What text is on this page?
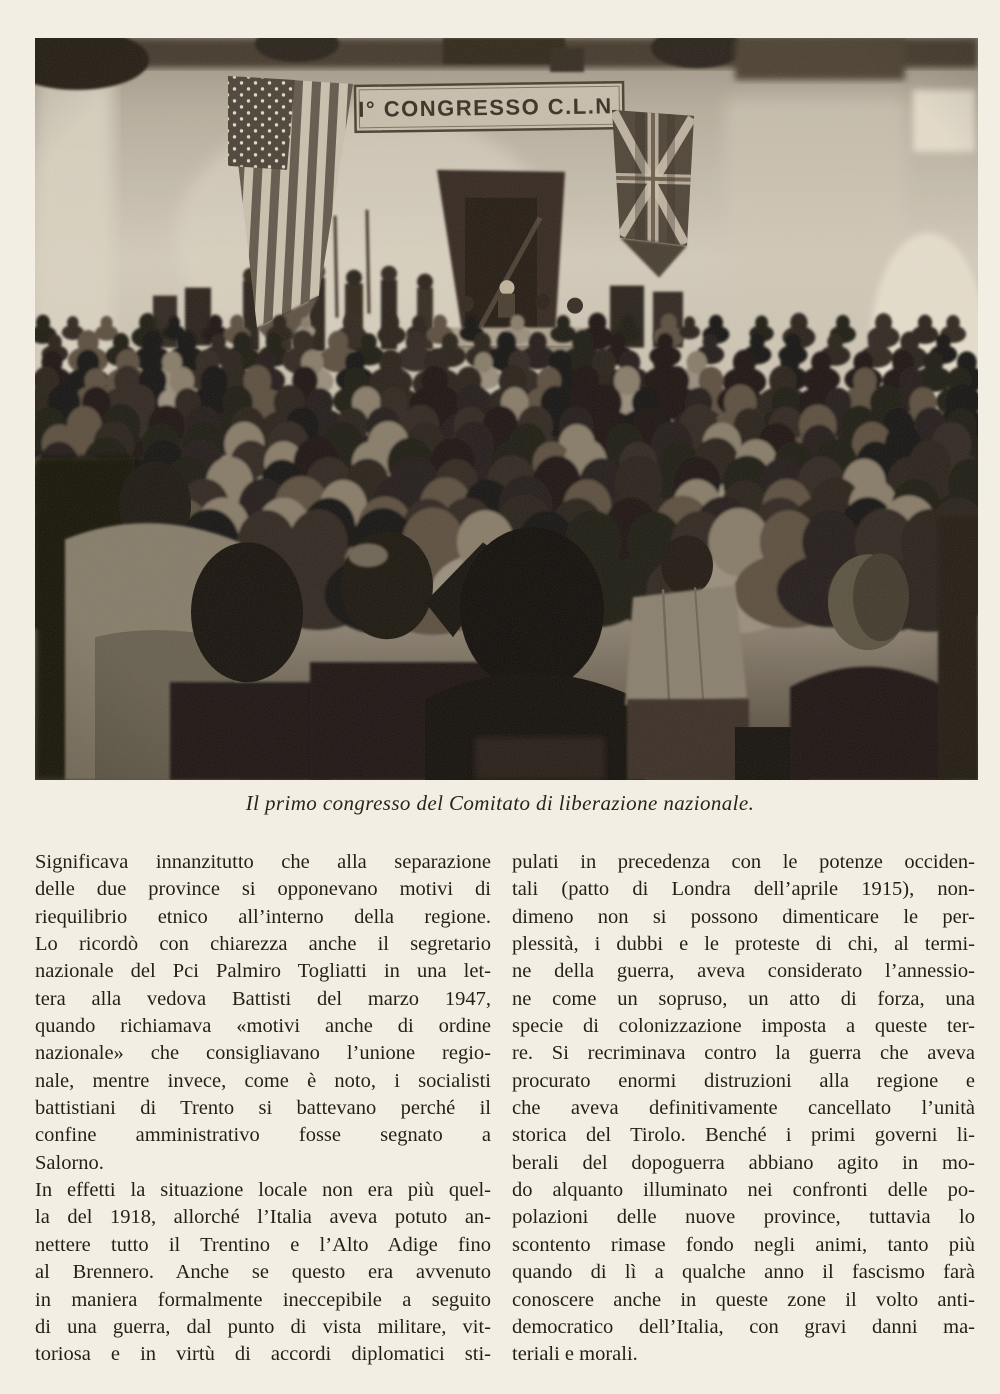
Il primo congresso del Comitato di liberazione nazionale.
Significava innanzitutto che alla separazione
delle due province si opponevano motivi di
riequilibrio etnico all’interno della regione.
Lo ricordò con chiarezza anche il segretario
nazionale del Pci Palmiro Togliatti in una let-
tera alla vedova Battisti del marzo 1947,
quando richiamava «motivi anche di ordine
nazionale» che consigliavano l’unione regio-
nale, mentre invece, come è noto, i socialisti
battistiani di Trento si battevano perché il
confine amministrativo fosse segnato a
Salorno.
In effetti la situazione locale non era più quel-
la del 1918, allorché l’Italia aveva potuto an-
nettere tutto il Trentino e l’Alto Adige fino
al Brennero. Anche se questo era avvenuto
in maniera formalmente ineccepibile a seguito
di una guerra, dal punto di vista militare, vit-
toriosa e in virtù di accordi diplomatici sti-
pulati in precedenza con le potenze occiden-
tali (patto di Londra dell’aprile 1915), non-
dimeno non si possono dimenticare le per-
plessità, i dubbi e le proteste di chi, al termi-
ne della guerra, aveva considerato l’annessio-
ne come un sopruso, un atto di forza, una
specie di colonizzazione imposta a queste ter-
re. Si recriminava contro la guerra che aveva
procurato enormi distruzioni alla regione e
che aveva definitivamente cancellato l’unità
storica del Tirolo. Benché i primi governi li-
berali del dopoguerra abbiano agito in mo-
do alquanto illuminato nei confronti delle po-
polazioni delle nuove province, tuttavia lo
scontento rimase fondo negli animi, tanto più
quando di lì a qualche anno il fascismo farà
conoscere anche in queste zone il volto anti-
democratico dell’Italia, con gravi danni ma-
teriali e morali.
